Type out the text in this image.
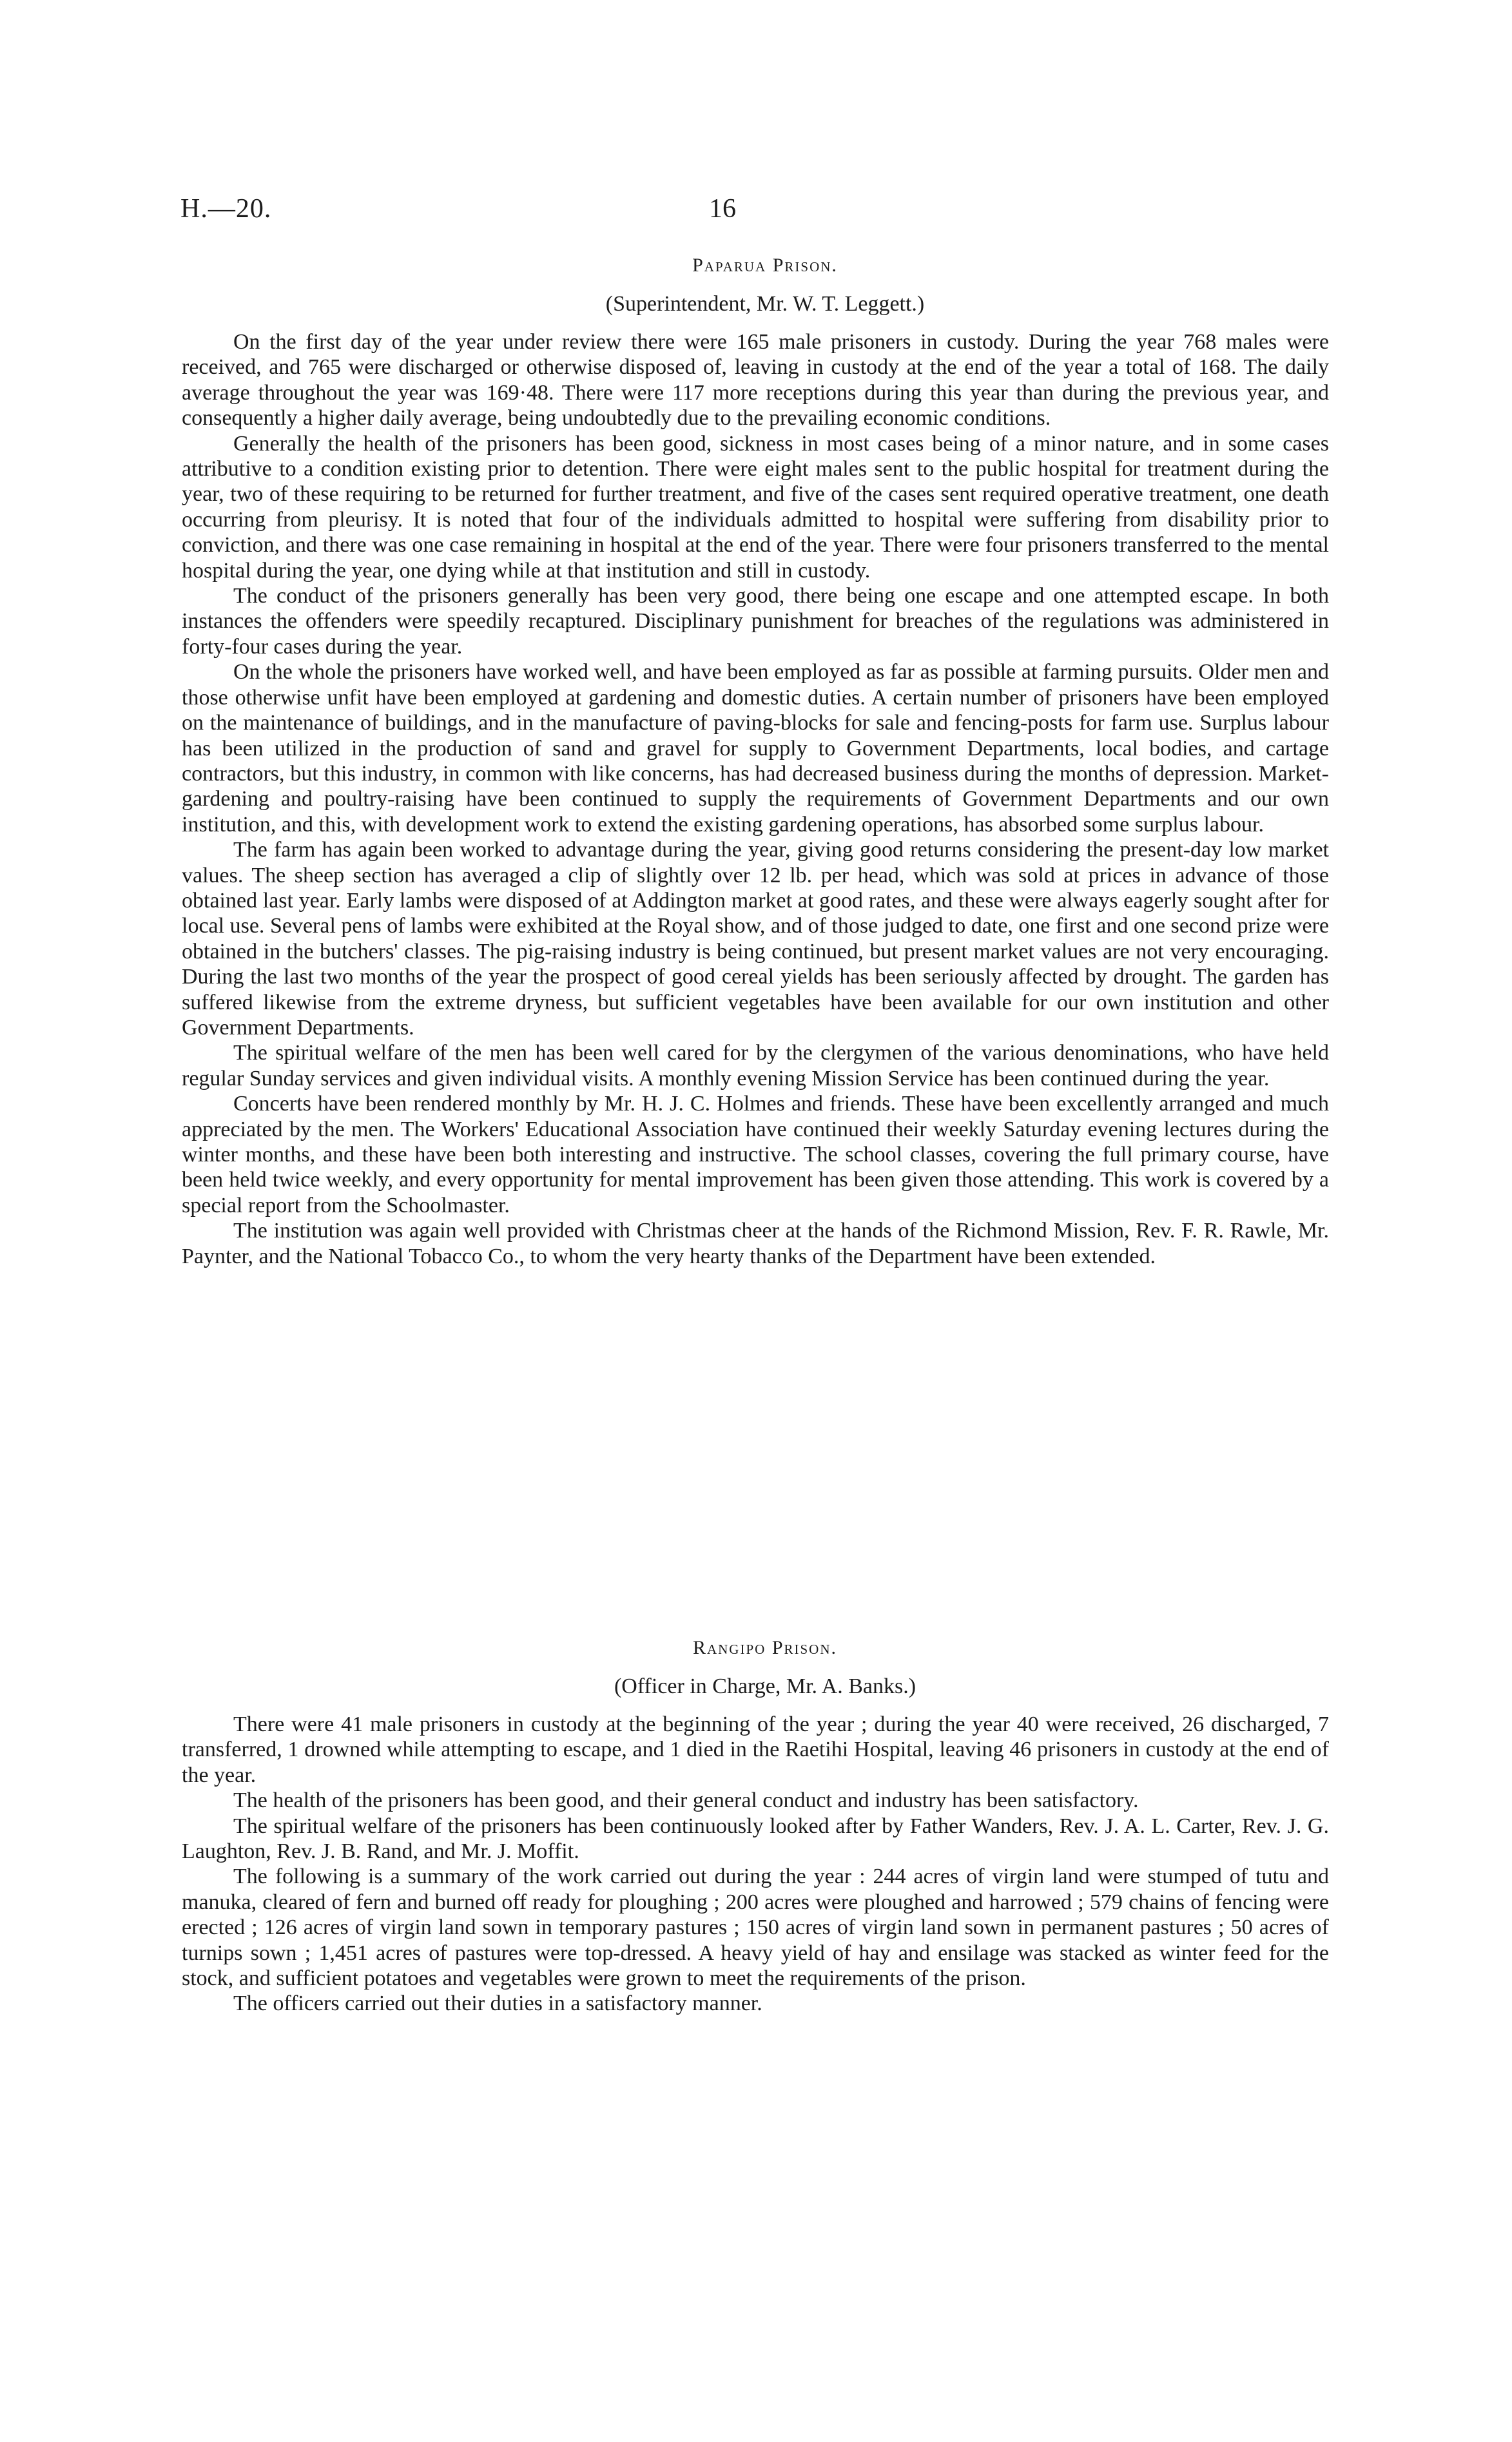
H.—20.	16
Paparua Prison.
(Superintendent, Mr. W. T. Leggett.)

On the first day of the year under review there were 165 male prisoners in custody. During the year 768 males were received, and 765 were discharged or otherwise disposed of, leaving in custody at the end of the year a total of 168. The daily average throughout the year was 169·48. There were 117 more receptions during this year than during the previous year, and consequently a higher daily average, being undoubtedly due to the prevailing economic conditions.

Generally the health of the prisoners has been good, sickness in most cases being of a minor nature, and in some cases attributive to a condition existing prior to detention. There were eight males sent to the public hospital for treatment during the year, two of these requiring to be returned for further treatment, and five of the cases sent required operative treatment, one death occurring from pleurisy. It is noted that four of the individuals admitted to hospital were suffering from disability prior to conviction, and there was one case remaining in hospital at the end of the year. There were four prisoners transferred to the mental hospital during the year, one dying while at that institution and still in custody.

The conduct of the prisoners generally has been very good, there being one escape and one attempted escape. In both instances the offenders were speedily recaptured. Disciplinary punishment for breaches of the regulations was administered in forty-four cases during the year.

On the whole the prisoners have worked well, and have been employed as far as possible at farming pursuits. Older men and those otherwise unfit have been employed at gardening and domestic duties. A certain number of prisoners have been employed on the maintenance of buildings, and in the manufacture of paving-blocks for sale and fencing-posts for farm use. Surplus labour has been utilized in the production of sand and gravel for supply to Government Departments, local bodies, and cartage contractors, but this industry, in common with like concerns, has had decreased business during the months of depression. Market-gardening and poultry-raising have been continued to supply the requirements of Government Departments and our own institution, and this, with development work to extend the existing gardening operations, has absorbed some surplus labour.

The farm has again been worked to advantage during the year, giving good returns considering the present-day low market values. The sheep section has averaged a clip of slightly over 12 lb. per head, which was sold at prices in advance of those obtained last year. Early lambs were disposed of at Addington market at good rates, and these were always eagerly sought after for local use. Several pens of lambs were exhibited at the Royal show, and of those judged to date, one first and one second prize were obtained in the butchers' classes. The pig-raising industry is being continued, but present market values are not very encouraging. During the last two months of the year the prospect of good cereal yields has been seriously affected by drought. The garden has suffered likewise from the extreme dryness, but sufficient vegetables have been available for our own institution and other Government Departments.

The spiritual welfare of the men has been well cared for by the clergymen of the various denominations, who have held regular Sunday services and given individual visits. A monthly evening Mission Service has been continued during the year.

Concerts have been rendered monthly by Mr. H. J. C. Holmes and friends. These have been excellently arranged and much appreciated by the men. The Workers' Educational Association have continued their weekly Saturday evening lectures during the winter months, and these have been both interesting and instructive. The school classes, covering the full primary course, have been held twice weekly, and every opportunity for mental improvement has been given those attending. This work is covered by a special report from the Schoolmaster.

The institution was again well provided with Christmas cheer at the hands of the Richmond Mission, Rev. F. R. Rawle, Mr. Paynter, and the National Tobacco Co., to whom the very hearty thanks of the Department have been extended.

Rangipo Prison.
(Officer in Charge, Mr. A. Banks.)

There were 41 male prisoners in custody at the beginning of the year ; during the year 40 were received, 26 discharged, 7 transferred, 1 drowned while attempting to escape, and 1 died in the Raetihi Hospital, leaving 46 prisoners in custody at the end of the year.

The health of the prisoners has been good, and their general conduct and industry has been satisfactory.

The spiritual welfare of the prisoners has been continuously looked after by Father Wanders, Rev. J. A. L. Carter, Rev. J. G. Laughton, Rev. J. B. Rand, and Mr. J. Moffit.

The following is a summary of the work carried out during the year : 244 acres of virgin land were stumped of tutu and manuka, cleared of fern and burned off ready for ploughing ; 200 acres were ploughed and harrowed ; 579 chains of fencing were erected ; 126 acres of virgin land sown in temporary pastures ; 150 acres of virgin land sown in permanent pastures ; 50 acres of turnips sown ; 1,451 acres of pastures were top-dressed. A heavy yield of hay and ensilage was stacked as winter feed for the stock, and sufficient potatoes and vegetables were grown to meet the requirements of the prison.

The officers carried out their duties in a satisfactory manner.
